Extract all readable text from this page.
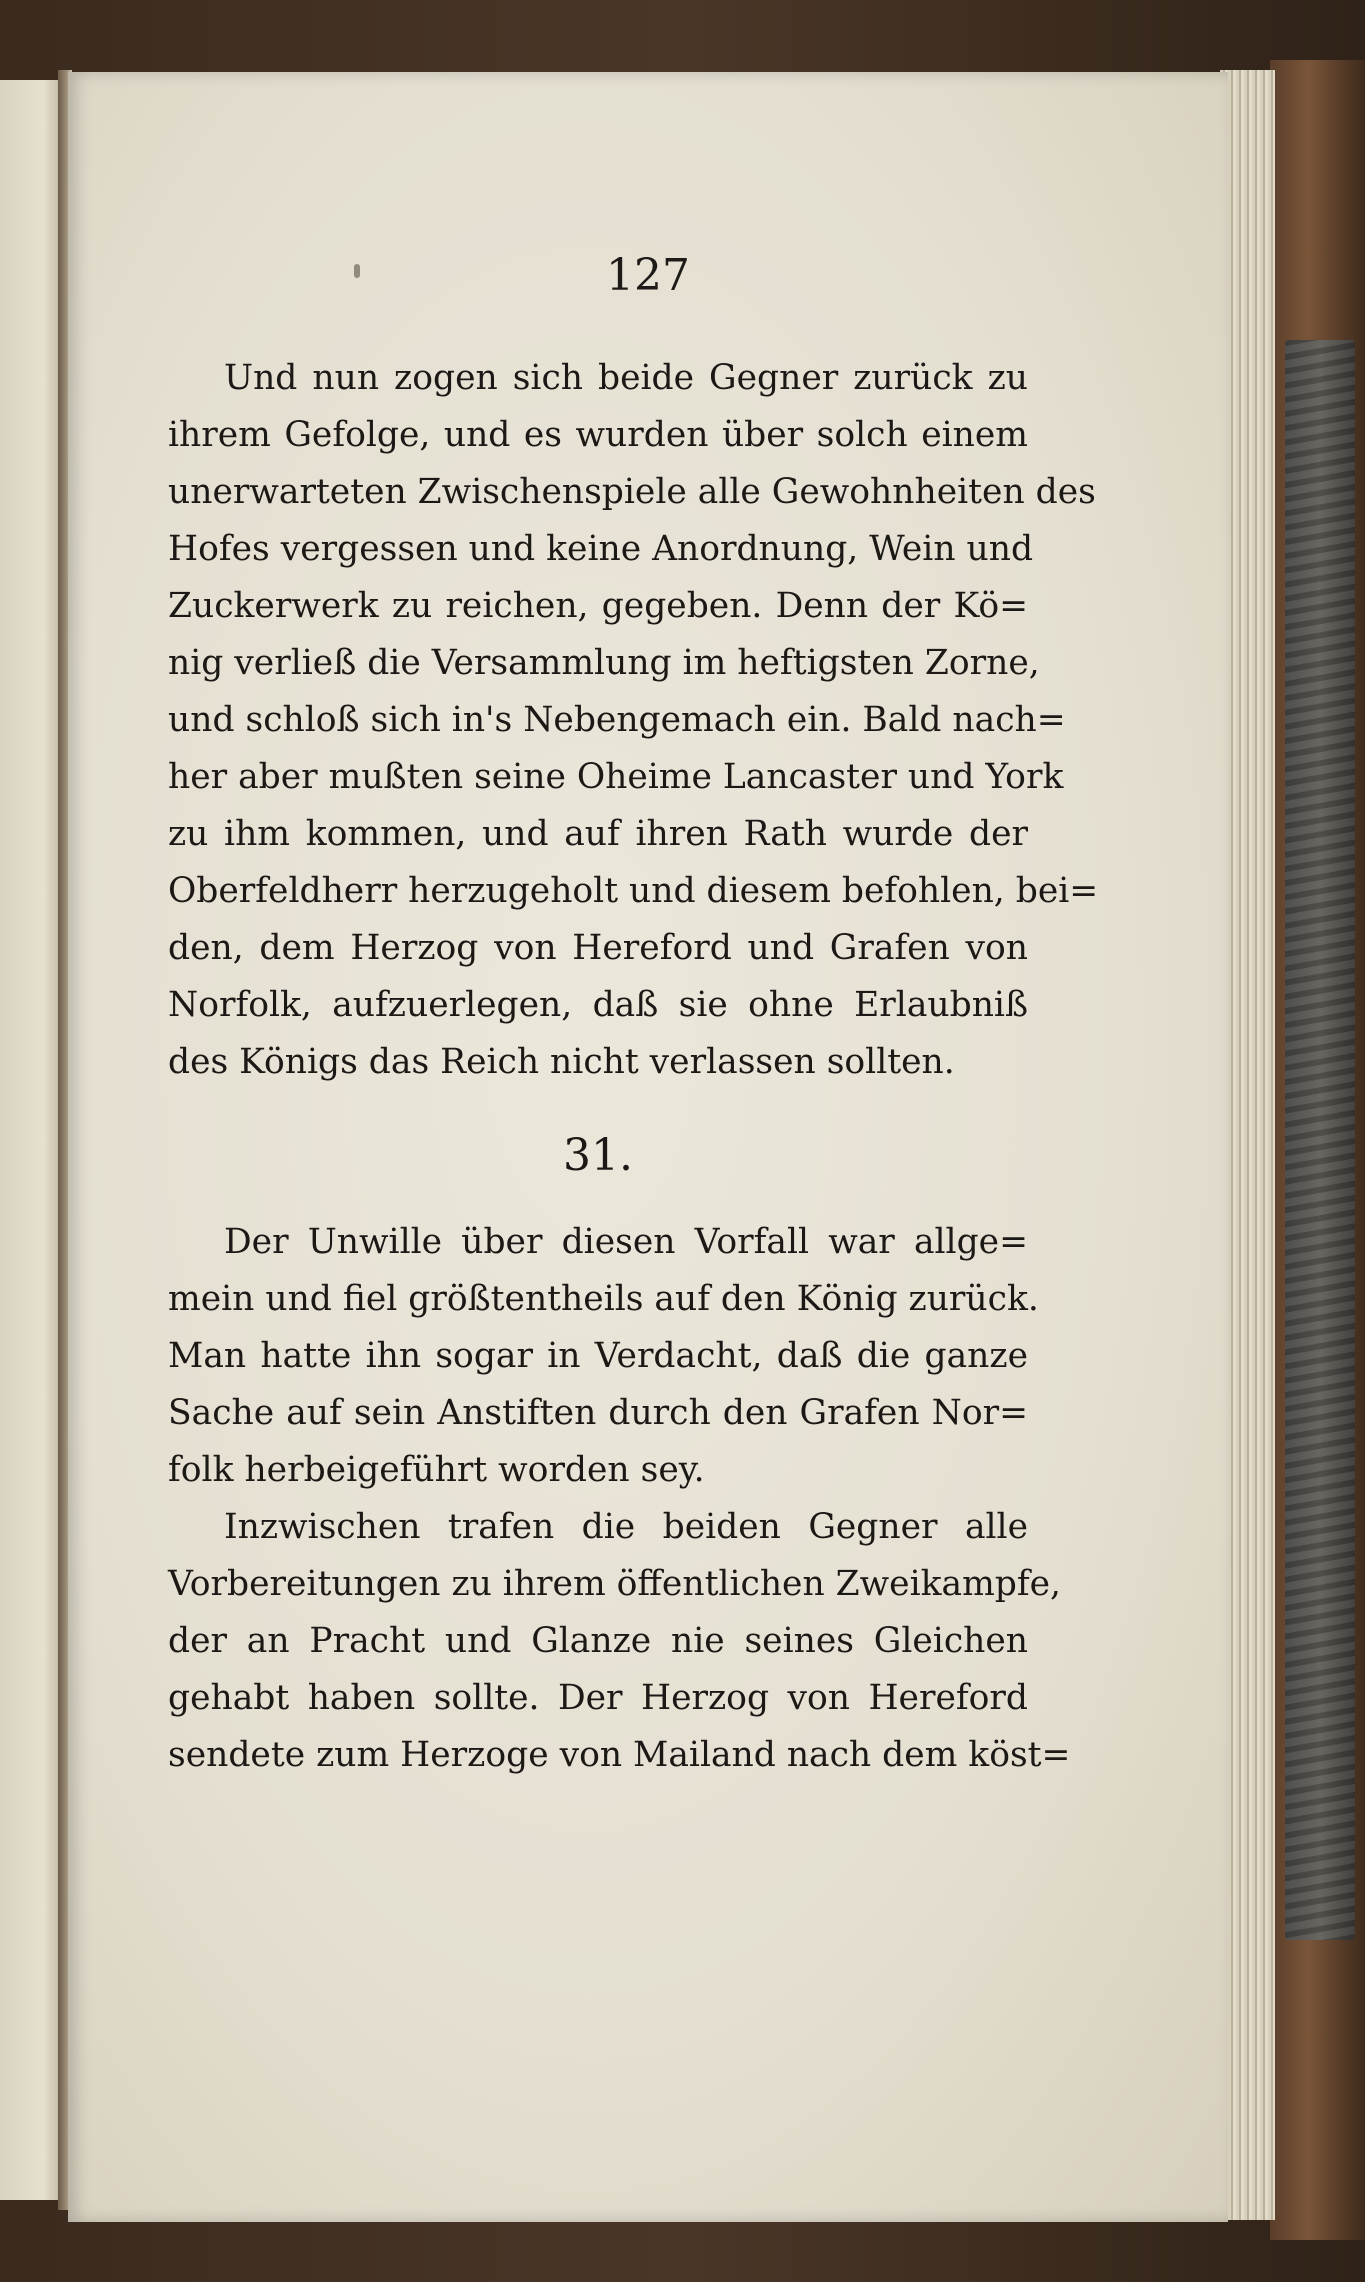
127

Und nun zogen sich beide Gegner zurück zu
ihrem Gefolge, und es wurden über solch einem
unerwarteten Zwischenspiele alle Gewohnheiten des
Hofes vergessen und keine Anordnung, Wein und
Zuckerwerk zu reichen, gegeben. Denn der Kö=
nig verließ die Versammlung im heftigsten Zorne,
und schloß sich in's Nebengemach ein. Bald nach=
her aber mußten seine Oheime Lancaster und York
zu ihm kommen, und auf ihren Rath wurde der
Oberfeldherr herzugeholt und diesem befohlen, bei=
den, dem Herzog von Hereford und Grafen von
Norfolk, aufzuerlegen, daß sie ohne Erlaubniß
des Königs das Reich nicht verlassen sollten.

31.

Der Unwille über diesen Vorfall war allge=
mein und fiel größtentheils auf den König zurück.
Man hatte ihn sogar in Verdacht, daß die ganze
Sache auf sein Anstiften durch den Grafen Nor=
folk herbeigeführt worden sey.

Inzwischen trafen die beiden Gegner alle
Vorbereitungen zu ihrem öffentlichen Zweikampfe,
der an Pracht und Glanze nie seines Gleichen
gehabt haben sollte. Der Herzog von Hereford
sendete zum Herzoge von Mailand nach dem köst=
